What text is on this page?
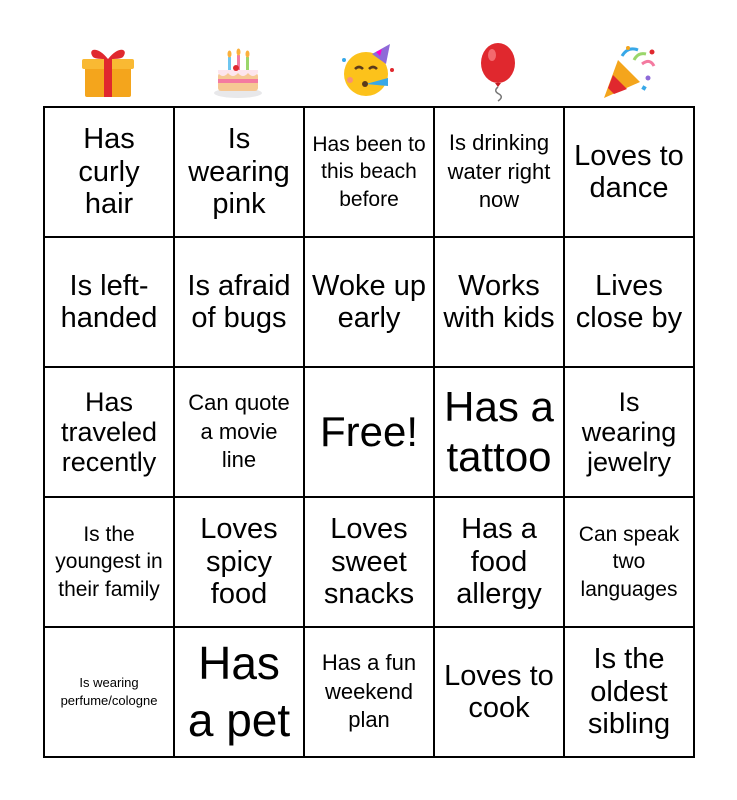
Has curly hair
Is wearing pink
Has been to this beach before
Is drinking water right now
Loves to dance
Is left-handed
Is afraid of bugs
Woke up early
Works with kids
Lives close by
Has traveled recently
Can quote a movie line
Free!
Has a tattoo
Is wearing jewelry
Is the youngest in their family
Loves spicy food
Loves sweet snacks
Has a food allergy
Can speak two languages
Is wearing perfume/cologne
Has a pet
Has a fun weekend plan
Loves to cook
Is the oldest sibling
